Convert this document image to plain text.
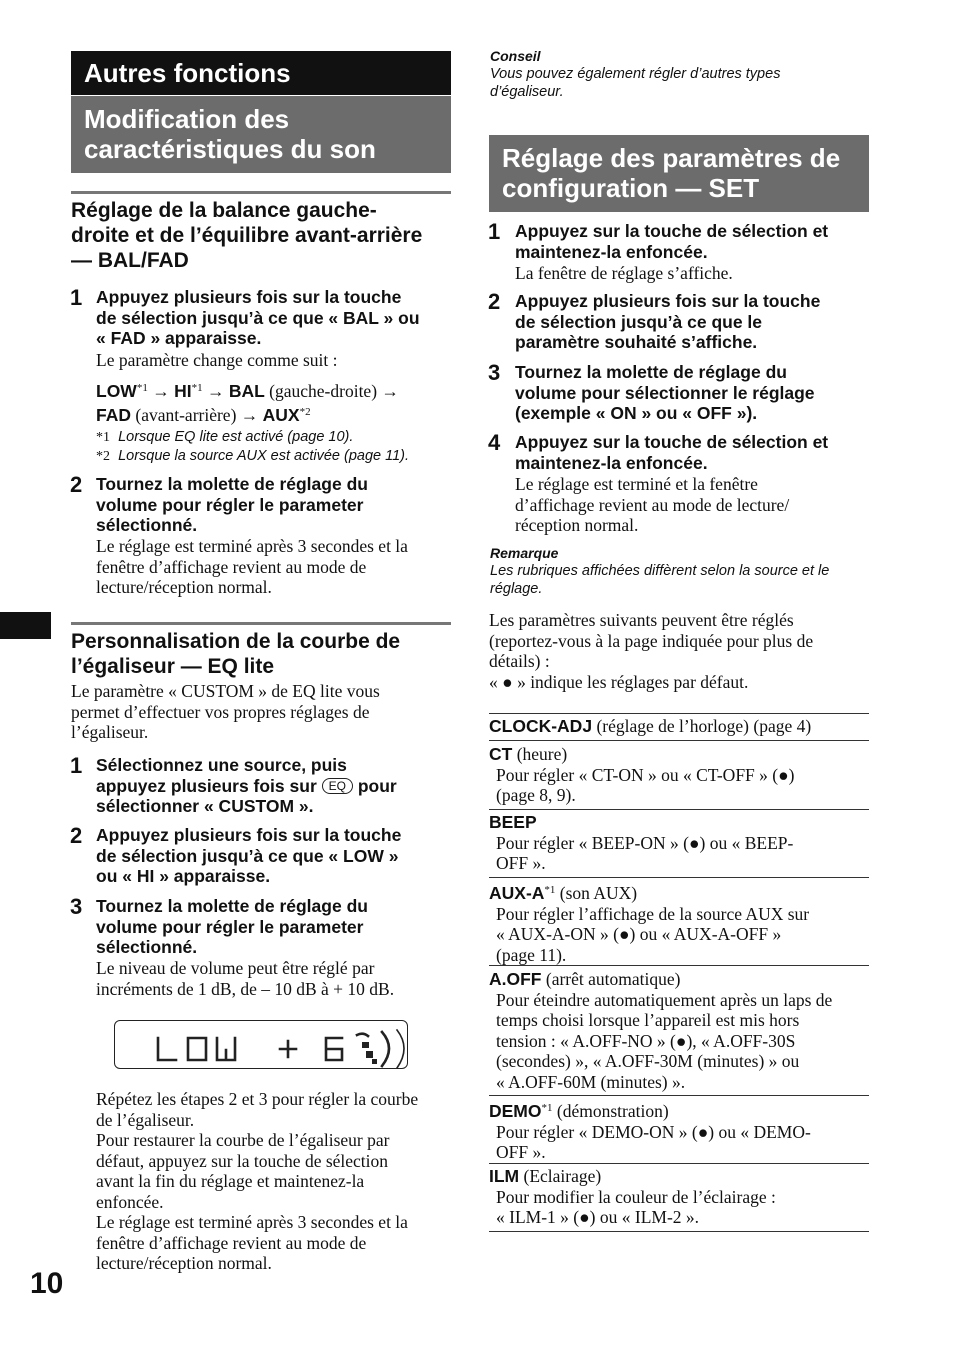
Autres fonctions
Modification des
caractéristiques du son
Réglage de la balance gauche-
droite et de l’équilibre avant-arrière
— BAL/FAD
1 Appuyez plusieurs fois sur la touche
de sélection jusqu’à ce que « BAL » ou
« FAD » apparaisse.
Le paramètre change comme suit :
$LOW^{*1} \to HI^{*1}$ → BAL (gauche-droite) →
FAD (avant-arrière) → $AUX^{*2}$
*1 Lorsque EQ lite est activé (page 10).
*2 Lorsque la source AUX est activée (page 11).
2 Tournez la molette de réglage du
volume pour régler le parameter
sélectionné.
Le réglage est terminé après 3 secondes et la
fenêtre d’affichage revient au mode de
lecture/réception normal.
Personnalisation de la courbe de
l’égaliseur — EQ lite
Le paramètre « CUSTOM » de EQ lite vous
permet d’effectuer vos propres réglages de
l’égaliseur.
1 Sélectionnez une source, puis
appuyez plusieurs fois sur EQ pour
sélectionner « CUSTOM ».
2 Appuyez plusieurs fois sur la touche
de sélection jusqu’à ce que « LOW »
ou « HI » apparaisse.
3 Tournez la molette de réglage du
volume pour régler le parameter
sélectionné.
Le niveau de volume peut être réglé par
incréments de 1 dB, de – 10 dB à + 10 dB.
Répétez les étapes 2 et 3 pour régler la courbe
de l’égaliseur.
Pour restaurer la courbe de l’égaliseur par
défaut, appuyez sur la touche de sélection
avant la fin du réglage et maintenez-la
enfoncée.
Le réglage est terminé après 3 secondes et la
fenêtre d’affichage revient au mode de
lecture/réception normal.
10
Conseil
Vous pouvez également régler d’autres types
d’égaliseur.
Réglage des paramètres de
configuration — SET
1 Appuyez sur la touche de sélection et
maintenez-la enfoncée.
La fenêtre de réglage s’affiche.
2 Appuyez plusieurs fois sur la touche
de sélection jusqu’à ce que le
paramètre souhaité s’affiche.
3 Tournez la molette de réglage du
volume pour sélectionner le réglage
(exemple « ON » ou « OFF »).
4 Appuyez sur la touche de sélection et
maintenez-la enfoncée.
Le réglage est terminé et la fenêtre
d’affichage revient au mode de lecture/
réception normal.
Remarque
Les rubriques affichées diffèrent selon la source et le
réglage.
Les paramètres suivants peuvent être réglés
(reportez-vous à la page indiquée pour plus de
détails) :
« ● » indique les réglages par défaut.
CLOCK-ADJ (réglage de l’horloge) (page 4)
CT (heure)
Pour régler « CT-ON » ou « CT-OFF » (●)
(page 8, 9).
BEEP
Pour régler « BEEP-ON » (●) ou « BEEP-
OFF ».
AUX-$A^{*1}$ (son AUX)
Pour régler l’affichage de la source AUX sur
« AUX-A-ON » (●) ou « AUX-A-OFF »
(page 11).
A.OFF (arrêt automatique)
Pour éteindre automatiquement après un laps de
temps choisi lorsque l’appareil est mis hors
tension : « A.OFF-NO » (●), « A.OFF-30S
(secondes) », « A.OFF-30M (minutes) » ou
« A.OFF-60M (minutes) ».
DEMO$^{*1}$ (démonstration)
Pour régler « DEMO-ON » (●) ou « DEMO-
OFF ».
ILM (Eclairage)
Pour modifier la couleur de l’éclairage :
« ILM-1 » (●) ou « ILM-2 ».
